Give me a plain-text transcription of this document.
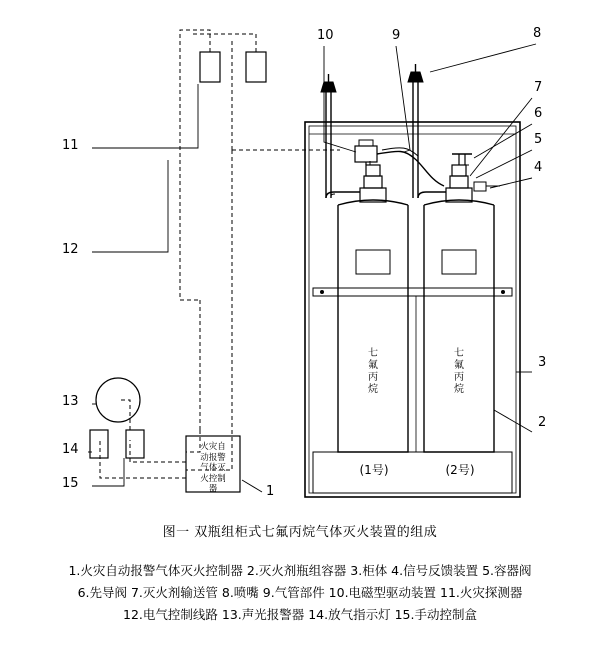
11
12
13
14
15
1
10	9	8
7
6
5
4
3
2
七氟丙烷
七氟丙烷
(1号)	(2号)
火灾自动报警气体灭火控制器
图一 双瓶组柜式七氟丙烷气体灭火装置的组成
1.火灾自动报警气体灭火控制器 2.灭火剂瓶组容器 3.柜体 4.信号反馈装置 5.容器阀
6.先导阀 7.灭火剂输送管 8.喷嘴 9.气管部件 10.电磁型驱动装置 11.火灾探测器
12.电气控制线路 13.声光报警器 14.放气指示灯 15.手动控制盒
